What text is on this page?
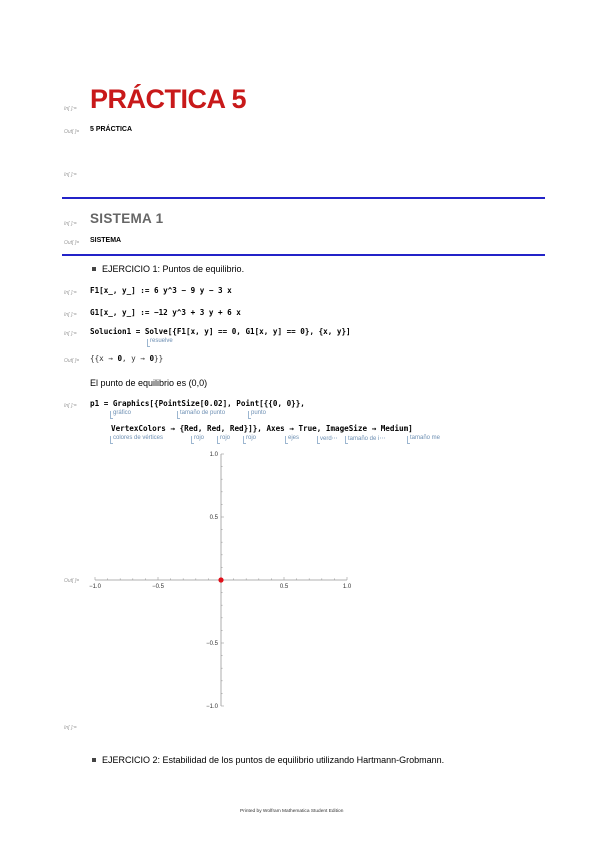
In[ ]:= PRÁCTICA 5
Out[ ]= 5 PRÁCTICA
In[ ]:=
In[ ]:= SISTEMA 1
Out[ ]= SISTEMA
EJERCICIO 1: Puntos de equilibrio.
In[ ]:= F1[x_, y_] := 6 y^3 − 9 y − 3 x
In[ ]:= G1[x_, y_] := −12 y^3 + 3 y + 6 x
In[ ]:= Solucion1 = Solve[{F1[x, y] == 0, G1[x, y] == 0}, {x, y}]
resuelve
Out[ ]= {{x → 0, y → 0}}
El punto de equilibrio es (0,0)
In[ ]:= p1 = Graphics[{PointSize[0.02], Point[{{0, 0}},
gráfico	tamaño de punto	punto
VertexColors → {Red, Red, Red}]}, Axes → True, ImageSize → Medium]
colores de vértices	rojo	rojo	rojo	ejes	verd⋯ tamaño de i⋯	tamaño me
Out[ ]=
−1.0	−0.5	0.5	1.0
1.0
0.5
−0.5
−1.0
In[ ]:=
EJERCICIO 2: Estabilidad de los puntos de equilibrio utilizando Hartmann-Grobmann.
Printed by Wolfram Mathematica Student Edition
